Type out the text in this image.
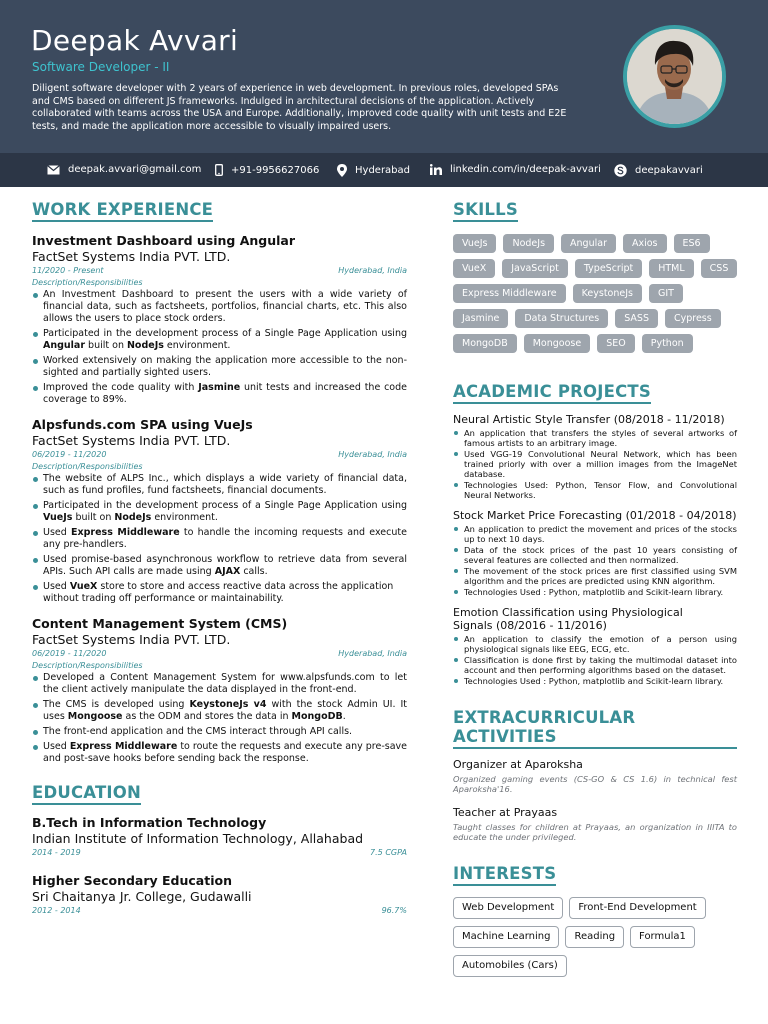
Deepak Avvari
Software Developer - II
Diligent software developer with 2 years of experience in web development. In previous roles, developed SPAs and CMS based on different JS frameworks. Indulged in architectural decisions of the application. Actively collaborated with teams across the USA and Europe. Additionally, improved code quality with unit tests and E2E tests, and made the application more accessible to visually impaired users.
deepak.avvari@gmail.com	+91-9956627066	Hyderabad	linkedin.com/in/deepak-avvari	deepakavvari
WORK EXPERIENCE
Investment Dashboard using Angular
FactSet Systems India PVT. LTD.
11/2020 - Present	Hyderabad, India
Description/Responsibilities
An Investment Dashboard to present the users with a wide variety of financial data, such as factsheets, portfolios, financial charts, etc. This also allows the users to place stock orders.
Participated in the development process of a Single Page Application using Angular built on NodeJs environment.
Worked extensively on making the application more accessible to the non-sighted and partially sighted users.
Improved the code quality with Jasmine unit tests and increased the code coverage to 89%.
Alpsfunds.com SPA using VueJs
FactSet Systems India PVT. LTD.
06/2019 - 11/2020	Hyderabad, India
Description/Responsibilities
The website of ALPS Inc., which displays a wide variety of financial data, such as fund profiles, fund factsheets, financial documents.
Participated in the development process of a Single Page Application using VueJs built on NodeJs environment.
Used Express Middleware to handle the incoming requests and execute any pre-handlers.
Used promise-based asynchronous workflow to retrieve data from several APIs. Such API calls are made using AJAX calls.
Used VueX store to store and access reactive data across the application without trading off performance or maintainability.
Content Management System (CMS)
FactSet Systems India PVT. LTD.
06/2019 - 11/2020	Hyderabad, India
Description/Responsibilities
Developed a Content Management System for www.alpsfunds.com to let the client actively manipulate the data displayed in the front-end.
The CMS is developed using KeystoneJs v4 with the stock Admin UI. It uses Mongoose as the ODM and stores the data in MongoDB.
The front-end application and the CMS interact through API calls.
Used Express Middleware to route the requests and execute any pre-save and post-save hooks before sending back the response.
EDUCATION
B.Tech in Information Technology
Indian Institute of Information Technology, Allahabad
2014 - 2019	7.5 CGPA
Higher Secondary Education
Sri Chaitanya Jr. College, Gudawalli
2012 - 2014	96.7%
SKILLS
VueJs	NodeJs	Angular	Axios	ES6
VueX	JavaScript	TypeScript	HTML	CSS
Express Middleware	KeystoneJs	GIT
Jasmine	Data Structures	SASS	Cypress
MongoDB	Mongoose	SEO	Python
ACADEMIC PROJECTS
Neural Artistic Style Transfer (08/2018 - 11/2018)
An application that transfers the styles of several artworks of famous artists to an arbitrary image.
Used VGG-19 Convolutional Neural Network, which has been trained priorly with over a million images from the ImageNet database.
Technologies Used: Python, Tensor Flow, and Convolutional Neural Networks.
Stock Market Price Forecasting (01/2018 - 04/2018)
An application to predict the movement and prices of the stocks up to next 10 days.
Data of the stock prices of the past 10 years consisting of several features are collected and then normalized.
The movement of the stock prices are first classified using SVM algorithm and the prices are predicted using KNN algorithm.
Technologies Used : Python, matplotlib and Scikit-learn library.
Emotion Classification using Physiological Signals (08/2016 - 11/2016)
An application to classify the emotion of a person using physiological signals like EEG, ECG, etc.
Classification is done first by taking the multimodal dataset into account and then performing algorithms based on the dataset.
Technologies Used : Python, matplotlib and Scikit-learn library.
EXTRACURRICULAR ACTIVITIES
Organizer at Aparoksha
Organized gaming events (CS-GO & CS 1.6) in technical fest Aparoksha'16.
Teacher at Prayaas
Taught classes for children at Prayaas, an organization in IIITA to educate the under privileged.
INTERESTS
Web Development	Front-End Development
Machine Learning	Reading	Formula1
Automobiles (Cars)
